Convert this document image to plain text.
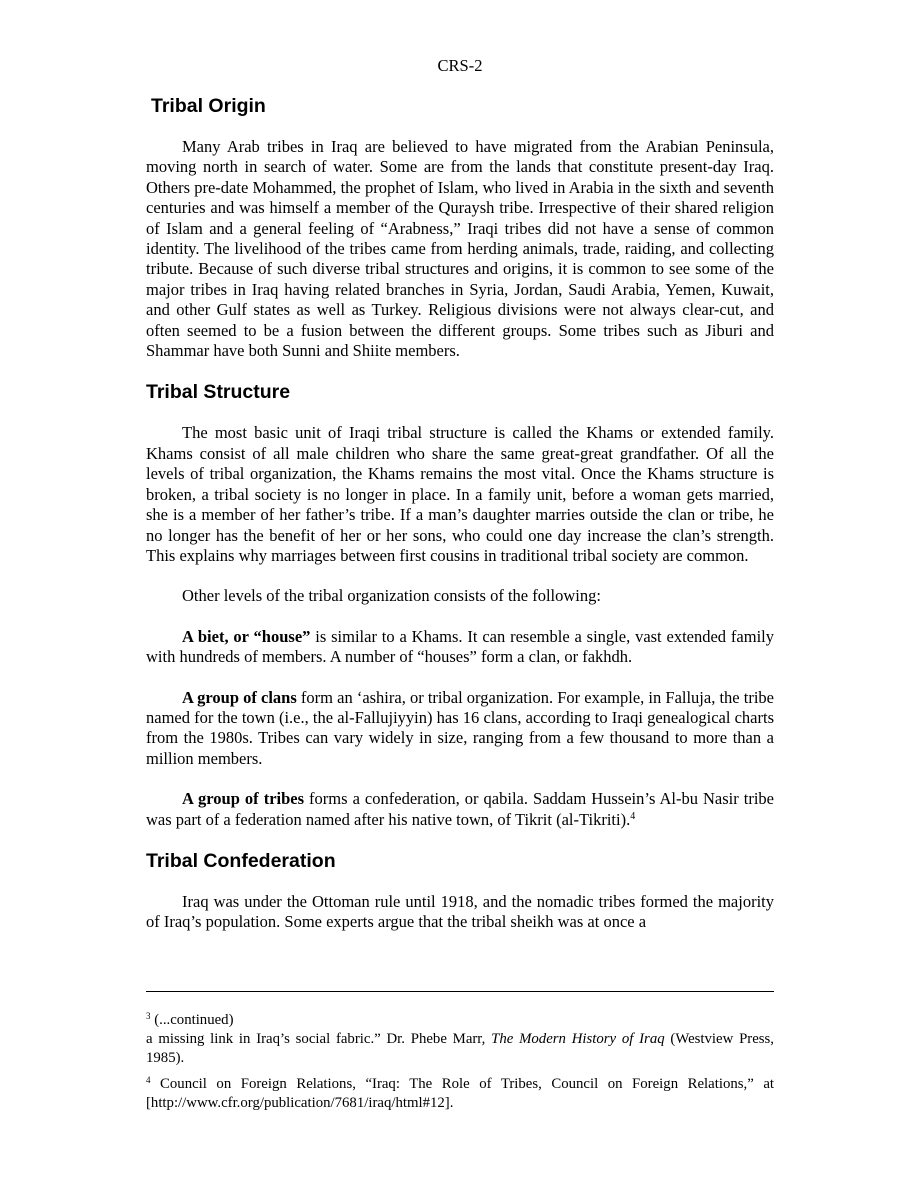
CRS-2
Tribal Origin

Many Arab tribes in Iraq are believed to have migrated from the Arabian Peninsula, moving north in search of water. Some are from the lands that constitute present-day Iraq. Others pre-date Mohammed, the prophet of Islam, who lived in Arabia in the sixth and seventh centuries and was himself a member of the Quraysh tribe. Irrespective of their shared religion of Islam and a general feeling of “Arabness,” Iraqi tribes did not have a sense of common identity. The livelihood of the tribes came from herding animals, trade, raiding, and collecting tribute. Because of such diverse tribal structures and origins, it is common to see some of the major tribes in Iraq having related branches in Syria, Jordan, Saudi Arabia, Yemen, Kuwait, and other Gulf states as well as Turkey. Religious divisions were not always clear-cut, and often seemed to be a fusion between the different groups. Some tribes such as Jiburi and Shammar have both Sunni and Shiite members.

Tribal Structure

The most basic unit of Iraqi tribal structure is called the Khams or extended family. Khams consist of all male children who share the same great-great grandfather. Of all the levels of tribal organization, the Khams remains the most vital. Once the Khams structure is broken, a tribal society is no longer in place. In a family unit, before a woman gets married, she is a member of her father’s tribe. If a man’s daughter marries outside the clan or tribe, he no longer has the benefit of her or her sons, who could one day increase the clan’s strength. This explains why marriages between first cousins in traditional tribal society are common.

Other levels of the tribal organization consists of the following:

A biet, or “house” is similar to a Khams. It can resemble a single, vast extended family with hundreds of members. A number of “houses” form a clan, or fakhdh.

A group of clans form an ‘ashira, or tribal organization. For example, in Falluja, the tribe named for the town (i.e., the al-Fallujiyyin) has 16 clans, according to Iraqi genealogical charts from the 1980s. Tribes can vary widely in size, ranging from a few thousand to more than a million members.

A group of tribes forms a confederation, or qabila. Saddam Hussein’s Al-bu Nasir tribe was part of a federation named after his native town, of Tikrit (al-Tikriti).$^4$

Tribal Confederation

Iraq was under the Ottoman rule until 1918, and the nomadic tribes formed the majority of Iraq’s population. Some experts argue that the tribal sheikh was at once a

$^3$ (...continued)
a missing link in Iraq’s social fabric.” Dr. Phebe Marr, The Modern History of Iraq (Westview Press, 1985).
$^4$ Council on Foreign Relations, “Iraq: The Role of Tribes, Council on Foreign Relations,” at [http://www.cfr.org/publication/7681/iraq/html#12].
